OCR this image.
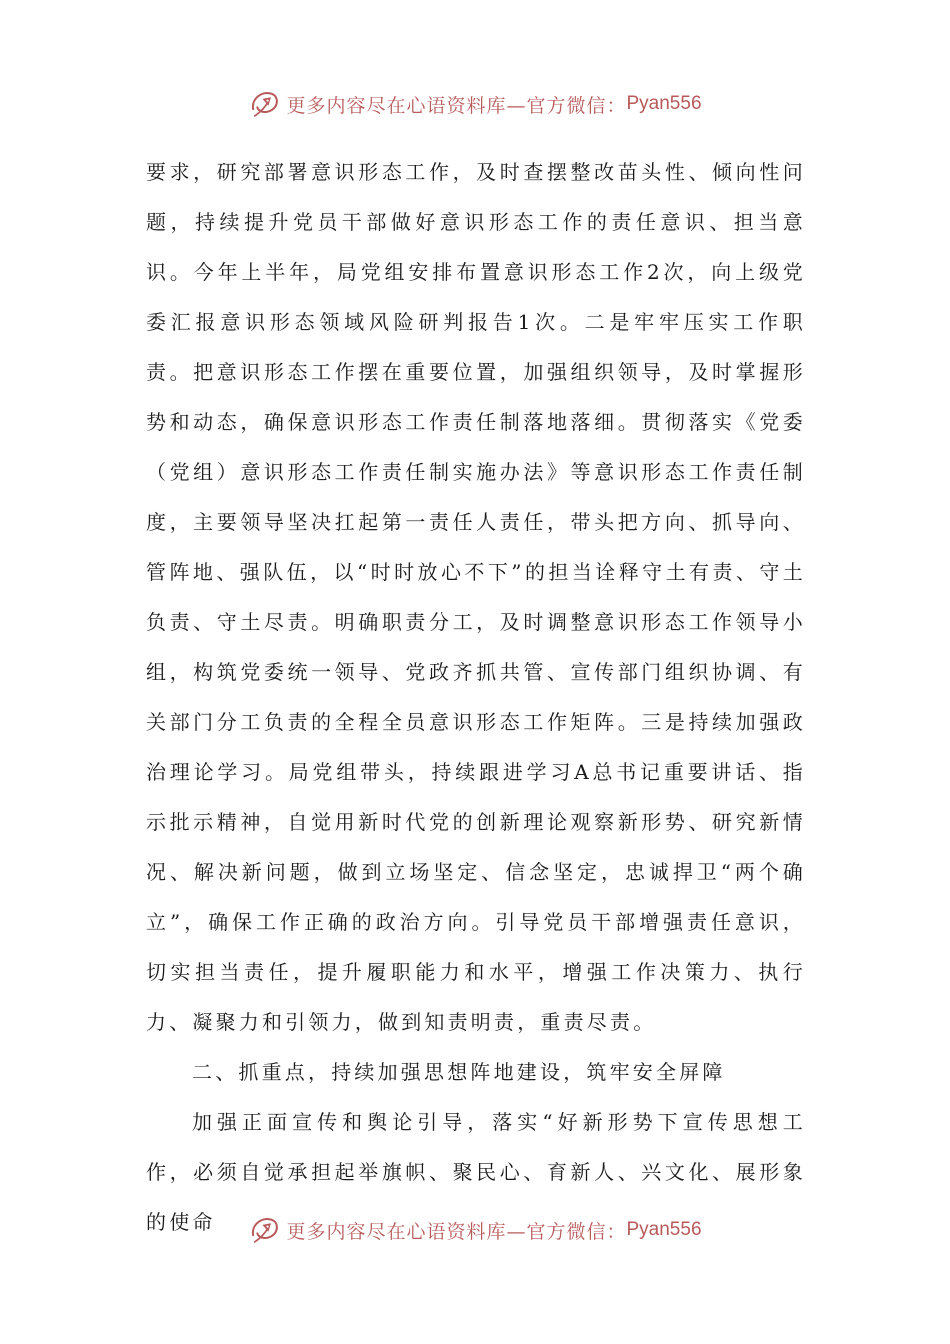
更多内容尽在心语资料库—官方微信： Pyan556

要求，研究部署意识形态工作，及时查摆整改苗头性、倾向性问题，持续提升党员干部做好意识形态工作的责任意识、担当意识。今年上半年，局党组安排布置意识形态工作2次，向上级党委汇报意识形态领域风险研判报告1次。二是牢牢压实工作职责。把意识形态工作摆在重要位置，加强组织领导，及时掌握形势和动态，确保意识形态工作责任制落地落细。贯彻落实《党委（党组）意识形态工作责任制实施办法》等意识形态工作责任制度，主要领导坚决扛起第一责任人责任，带头把方向、抓导向、管阵地、强队伍，以“时时放心不下”的担当诠释守土有责、守土负责、守土尽责。明确职责分工，及时调整意识形态工作领导小组，构筑党委统一领导、党政齐抓共管、宣传部门组织协调、有关部门分工负责的全程全员意识形态工作矩阵。三是持续加强政治理论学习。局党组带头，持续跟进学习A总书记重要讲话、指示批示精神，自觉用新时代党的创新理论观察新形势、研究新情况、解决新问题，做到立场坚定、信念坚定，忠诚捍卫“两个确立”，确保工作正确的政治方向。引导党员干部增强责任意识，切实担当责任，提升履职能力和水平，增强工作决策力、执行力、凝聚力和引领力，做到知责明责，重责尽责。

二、抓重点，持续加强思想阵地建设，筑牢安全屏障

加强正面宣传和舆论引导，落实“好新形势下宣传思想工作，必须自觉承担起举旗帜、聚民心、育新人、兴文化、展形象的使命	更多内容尽在心语资料库—官方微信： Pyan556
